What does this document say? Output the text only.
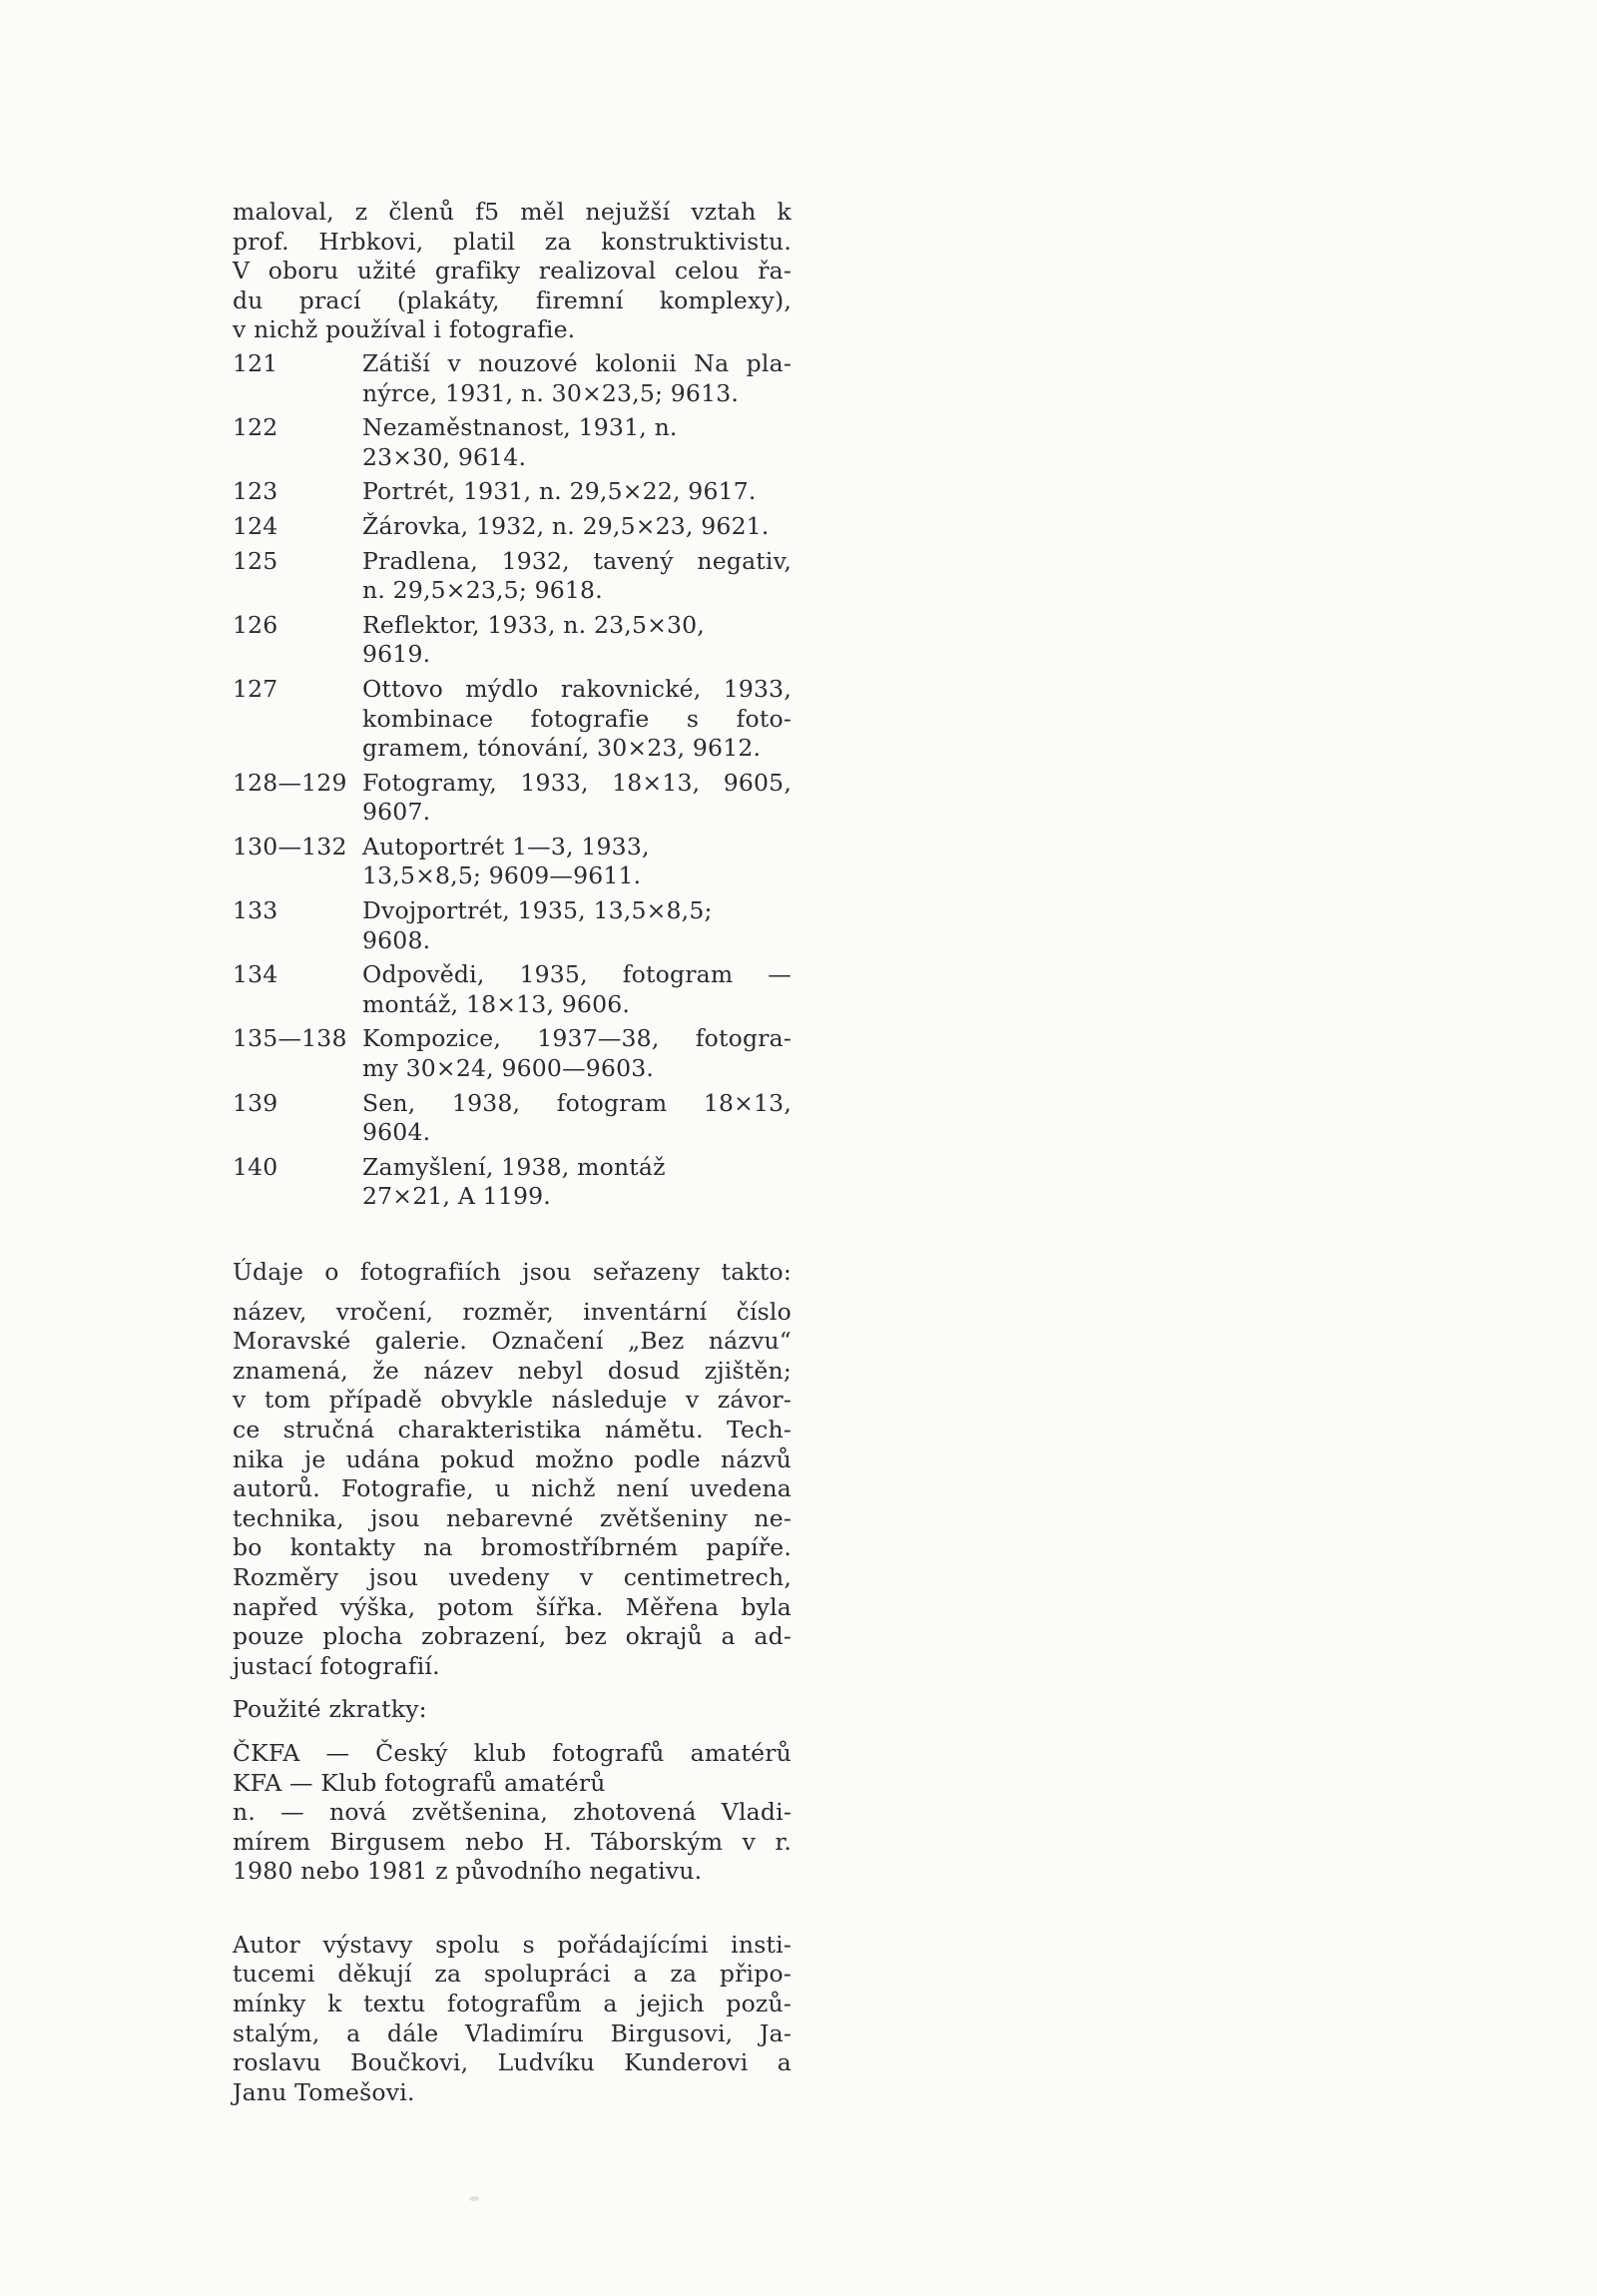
maloval, z členů f5 měl nejužší vztah k
prof. Hrbkovi, platil za konstruktivistu.
V oboru užité grafiky realizoval celou řa-
du prací (plakáty, firemní komplexy),
v nichž používal i fotografie.
121	Zátiší v nouzové kolonii Na pla-
nýrce, 1931, n. 30×23,5; 9613.
122	Nezaměstnanost, 1931, n.
23×30, 9614.
123	Portrét, 1931, n. 29,5×22, 9617.
124	Žárovka, 1932, n. 29,5×23, 9621.
125	Pradlena, 1932, tavený negativ,
n. 29,5×23,5; 9618.
126	Reflektor, 1933, n. 23,5×30,
9619.
127	Ottovo mýdlo rakovnické, 1933,
kombinace fotografie s foto-
gramem, tónování, 30×23, 9612.
128—129 Fotogramy, 1933, 18×13, 9605,
9607.
130—132 Autoportrét 1—3, 1933,
13,5×8,5; 9609—9611.
133	Dvojportrét, 1935, 13,5×8,5;
9608.
134	Odpovědi, 1935, fotogram —
montáž, 18×13, 9606.
135—138 Kompozice, 1937—38, fotogra-
my 30×24, 9600—9603.
139	Sen, 1938, fotogram 18×13,
9604.
140	Zamyšlení, 1938, montáž
27×21, A 1199.
Údaje o fotografiích jsou seřazeny takto:
název, vročení, rozměr, inventární číslo
Moravské galerie. Označení „Bez názvu“
znamená, že název nebyl dosud zjištěn;
v tom případě obvykle následuje v závor-
ce stručná charakteristika námětu. Tech-
nika je udána pokud možno podle názvů
autorů. Fotografie, u nichž není uvedena
technika, jsou nebarevné zvětšeniny ne-
bo kontakty na bromostříbrném papíře.
Rozměry jsou uvedeny v centimetrech,
napřed výška, potom šířka. Měřena byla
pouze plocha zobrazení, bez okrajů a ad-
justací fotografií.
Použité zkratky:
ČKFA — Český klub fotografů amatérů
KFA — Klub fotografů amatérů
n. — nová zvětšenina, zhotovená Vladi-
mírem Birgusem nebo H. Táborským v r.
1980 nebo 1981 z původního negativu.
Autor výstavy spolu s pořádajícími insti-
tucemi děkují za spolupráci a za připo-
mínky k textu fotografům a jejich pozů-
stalým, a dále Vladimíru Birgusovi, Ja-
roslavu Boučkovi, Ludvíku Kunderovi a
Janu Tomešovi.
